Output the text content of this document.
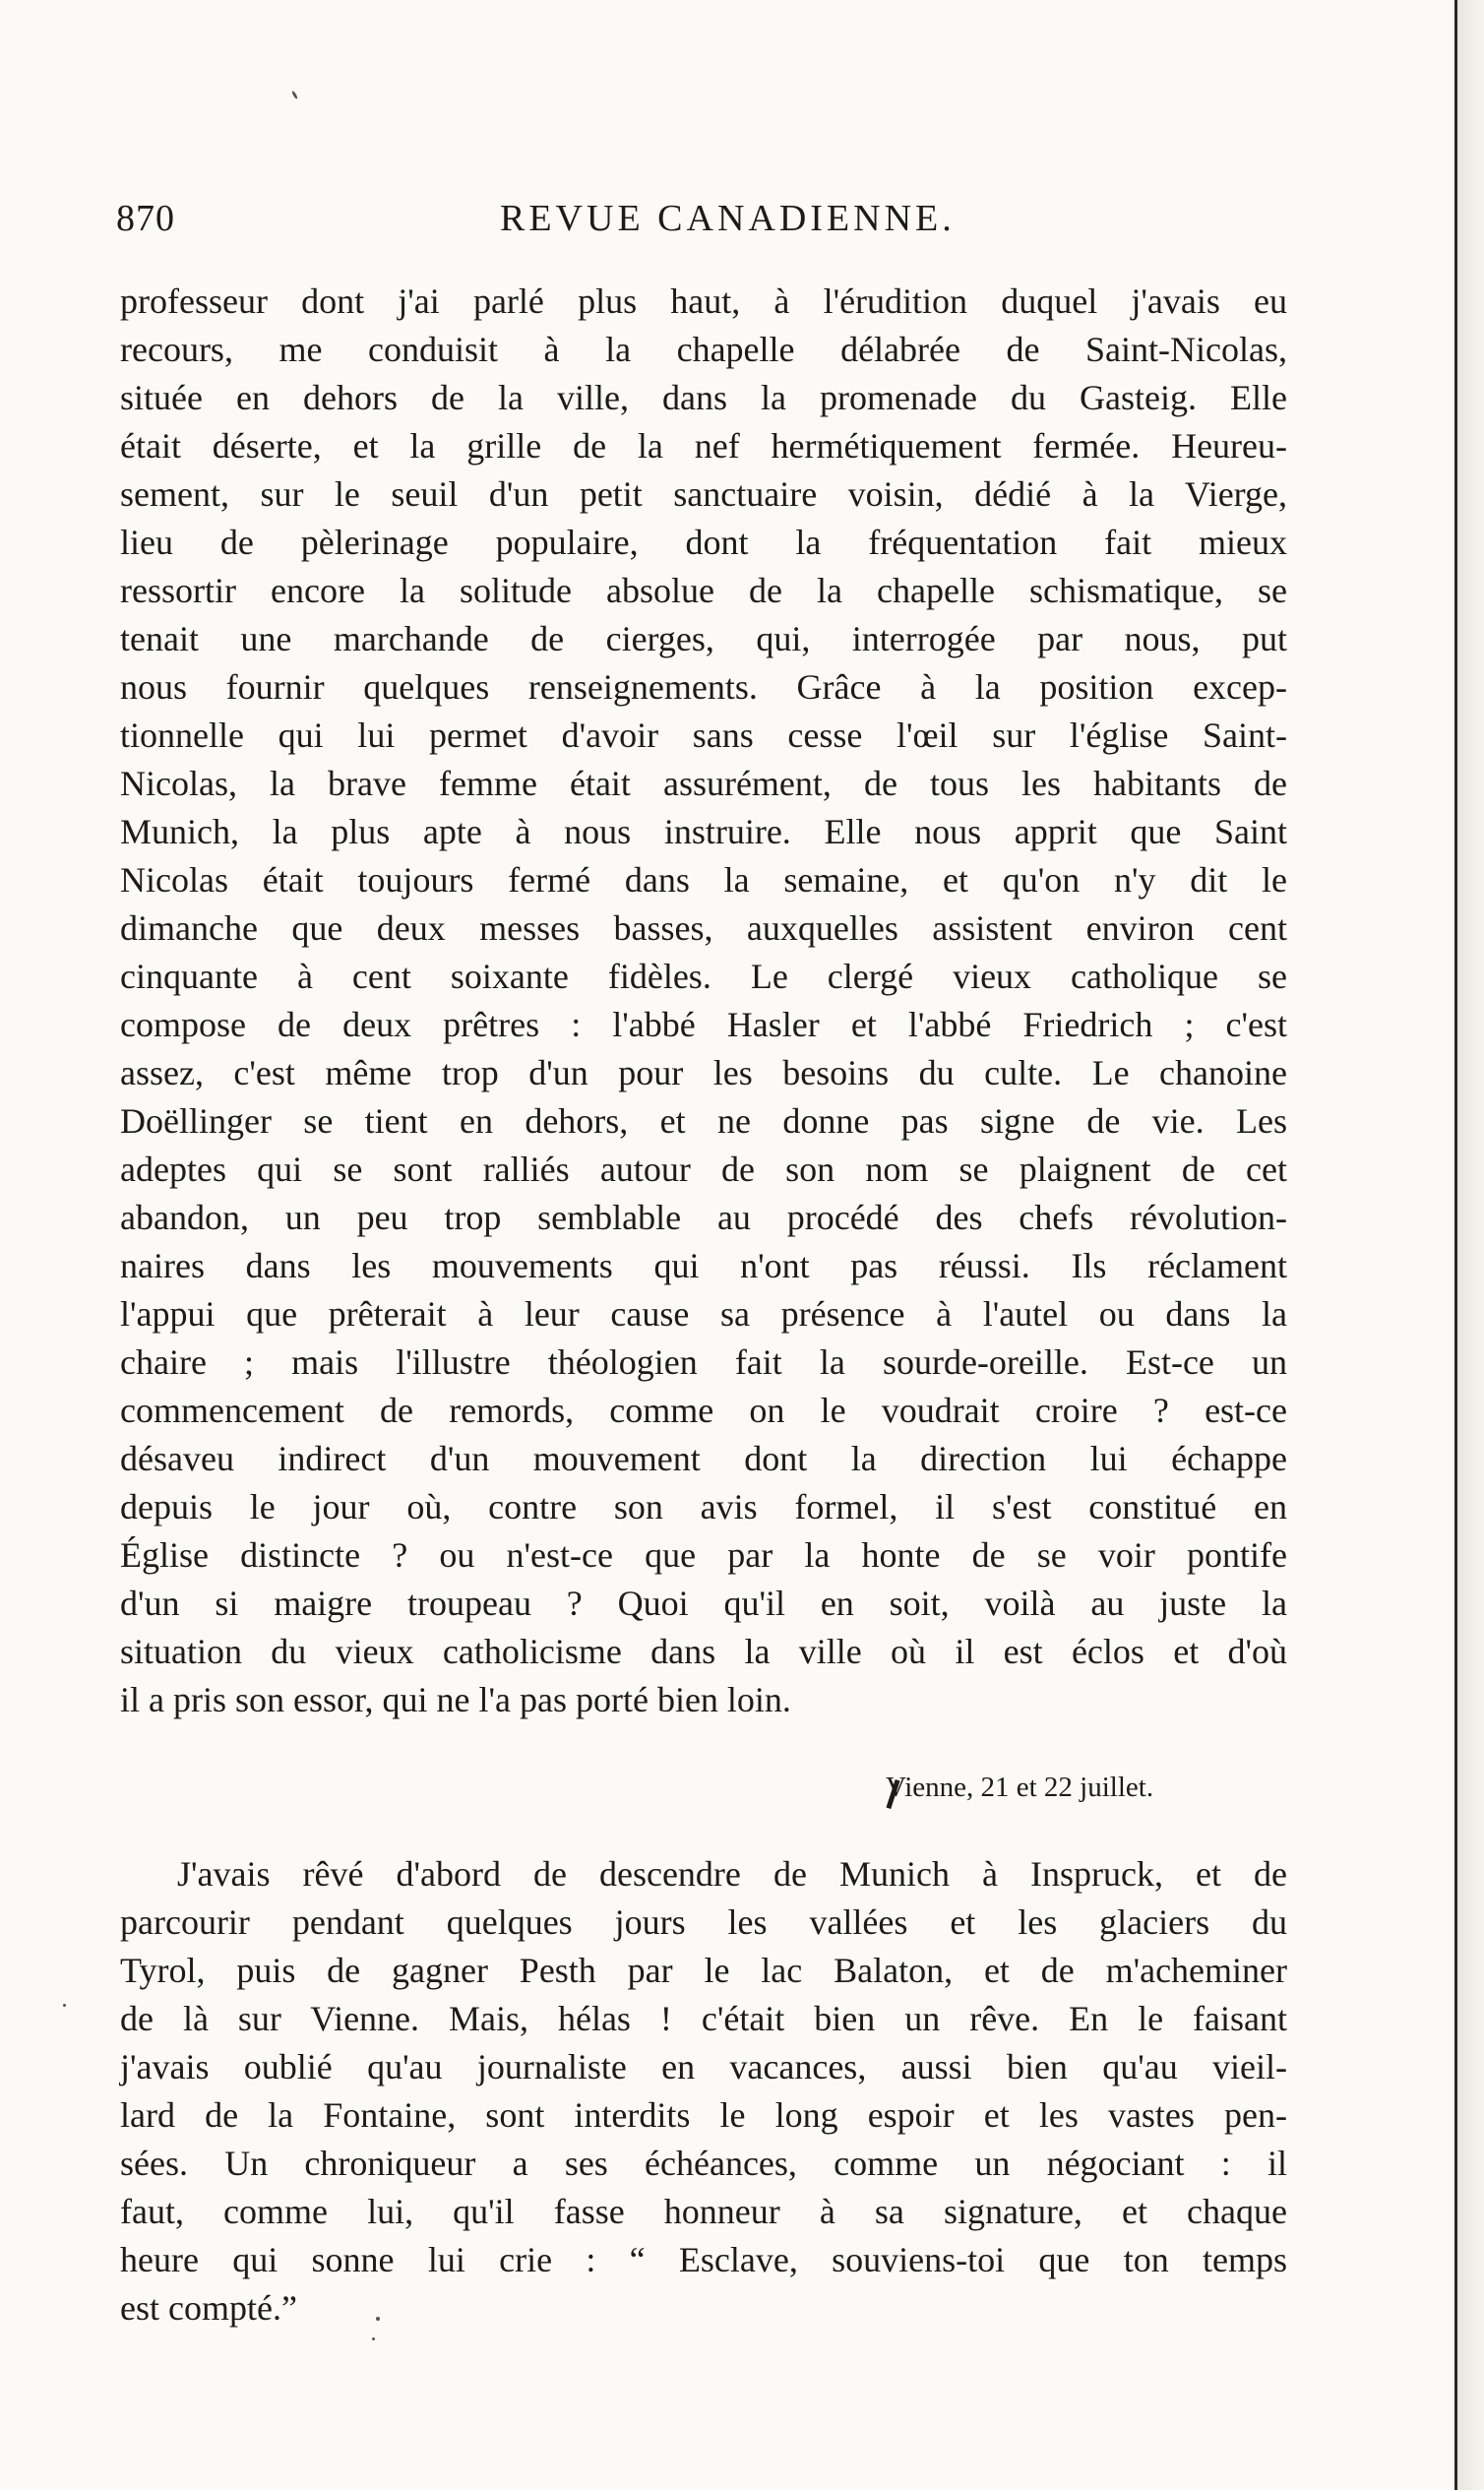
870	REVUE CANADIENNE.
professeur dont j'ai parlé plus haut, à l'érudition duquel j'avais eu
recours, me conduisit à la chapelle délabrée de Saint-Nicolas,
située en dehors de la ville, dans la promenade du Gasteig. Elle
était déserte, et la grille de la nef hermétiquement fermée. Heureu-
sement, sur le seuil d'un petit sanctuaire voisin, dédié à la Vierge,
lieu de pèlerinage populaire, dont la fréquentation fait mieux
ressortir encore la solitude absolue de la chapelle schismatique, se
tenait une marchande de cierges, qui, interrogée par nous, put
nous fournir quelques renseignements. Grâce à la position excep-
tionnelle qui lui permet d'avoir sans cesse l'œil sur l'église Saint-
Nicolas, la brave femme était assurément, de tous les habitants de
Munich, la plus apte à nous instruire. Elle nous apprit que Saint
Nicolas était toujours fermé dans la semaine, et qu'on n'y dit le
dimanche que deux messes basses, auxquelles assistent environ cent
cinquante à cent soixante fidèles. Le clergé vieux catholique se
compose de deux prêtres : l'abbé Hasler et l'abbé Friedrich ; c'est
assez, c'est même trop d'un pour les besoins du culte. Le chanoine
Doëllinger se tient en dehors, et ne donne pas signe de vie. Les
adeptes qui se sont ralliés autour de son nom se plaignent de cet
abandon, un peu trop semblable au procédé des chefs révolution-
naires dans les mouvements qui n'ont pas réussi. Ils réclament
l'appui que prêterait à leur cause sa présence à l'autel ou dans la
chaire ; mais l'illustre théologien fait la sourde-oreille. Est-ce un
commencement de remords, comme on le voudrait croire ? est-ce
désaveu indirect d'un mouvement dont la direction lui échappe
depuis le jour où, contre son avis formel, il s'est constitué en
Église distincte ? ou n'est-ce que par la honte de se voir pontife
d'un si maigre troupeau ? Quoi qu'il en soit, voilà au juste la
situation du vieux catholicisme dans la ville où il est éclos et d'où
il a pris son essor, qui ne l'a pas porté bien loin.
Vienne, 21 et 22 juillet.
J'avais rêvé d'abord de descendre de Munich à Inspruck, et de
parcourir pendant quelques jours les vallées et les glaciers du
Tyrol, puis de gagner Pesth par le lac Balaton, et de m'acheminer
de là sur Vienne. Mais, hélas ! c'était bien un rêve. En le faisant
j'avais oublié qu'au journaliste en vacances, aussi bien qu'au vieil-
lard de la Fontaine, sont interdits le long espoir et les vastes pen-
sées. Un chroniqueur a ses échéances, comme un négociant : il
faut, comme lui, qu'il fasse honneur à sa signature, et chaque
heure qui sonne lui crie : “ Esclave, souviens-toi que ton temps
est compté.”
